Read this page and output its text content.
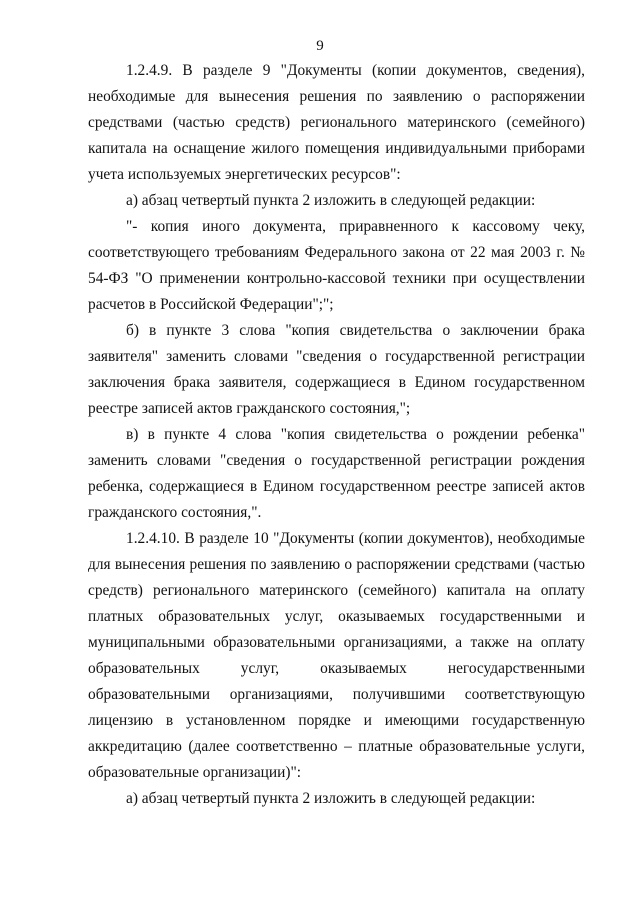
9

1.2.4.9. В разделе 9 "Документы (копии документов, сведения), необходимые для вынесения решения по заявлению о распоряжении средствами (частью средств) регионального материнского (семейного) капитала на оснащение жилого помещения индивидуальными приборами учета используемых энергетических ресурсов":

а) абзац четвертый пункта 2 изложить в следующей редакции:

"- копия иного документа, приравненного к кассовому чеку, соответствующего требованиям Федерального закона от 22 мая 2003 г. № 54-ФЗ "О применении контрольно-кассовой техники при осуществлении расчетов в Российской Федерации";";

б) в пункте 3 слова "копия свидетельства о заключении брака заявителя" заменить словами "сведения о государственной регистрации заключения брака заявителя, содержащиеся в Едином государственном реестре записей актов гражданского состояния,";

в) в пункте 4 слова "копия свидетельства о рождении ребенка" заменить словами "сведения о государственной регистрации рождения ребенка, содержащиеся в Едином государственном реестре записей актов гражданского состояния,".

1.2.4.10. В разделе 10 "Документы (копии документов), необходимые для вынесения решения по заявлению о распоряжении средствами (частью средств) регионального материнского (семейного) капитала на оплату платных образовательных услуг, оказываемых государственными и муниципальными образовательными организациями, а также на оплату образовательных услуг, оказываемых негосударственными образовательными организациями, получившими соответствующую лицензию в установленном порядке и имеющими государственную аккредитацию (далее соответственно – платные образовательные услуги, образовательные организации)":

а) абзац четвертый пункта 2 изложить в следующей редакции:
